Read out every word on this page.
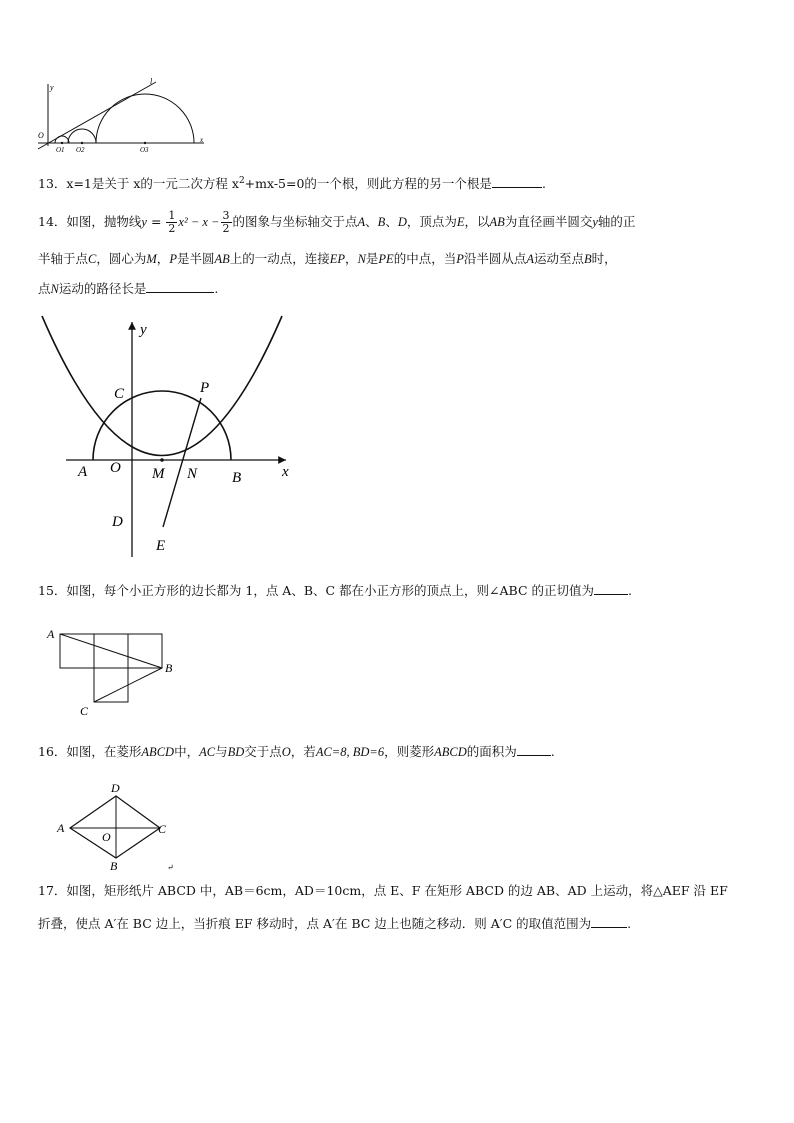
y
l
O	x
O1 O2	O3
13．x=1是关于 x的一元二次方程 $x^2+mx-5=0$的一个根，则此方程的另一个根是	.
14．如图，抛物线$y = \frac{1}{2} x^2 - x - \frac{3}{2}$ 的图象与坐标轴交于点A、B、D，顶点为E，以AB为直径画半圆交y轴的正
半轴于点C，圆心为M，P是半圆AB上的一动点，连接EP，N是PE的中点，当P沿半圆从点A运动至点B时，
点N运动的路径长是	.
y
x
A O M N B
C	P
D
E
15．如图，每个小正方形的边长都为 1，点 A、B、C 都在小正方形的顶点上，则∠ABC 的正切值为	.
A
B
C
16．如图，在菱形ABCD中，AC与BD交于点O，若AC=8, BD=6，则菱形ABCD的面积为	.
D
A	C
O
B	↵
17．如图，矩形纸片 ABCD 中，AB＝6cm，AD＝10cm，点 E、F 在矩形 ABCD 的边 AB、AD 上运动，将△AEF 沿 EF
折叠，使点 A′在 BC 边上，当折痕 EF 移动时，点 A′在 BC 边上也随之移动．则 A′C 的取值范围为	.
